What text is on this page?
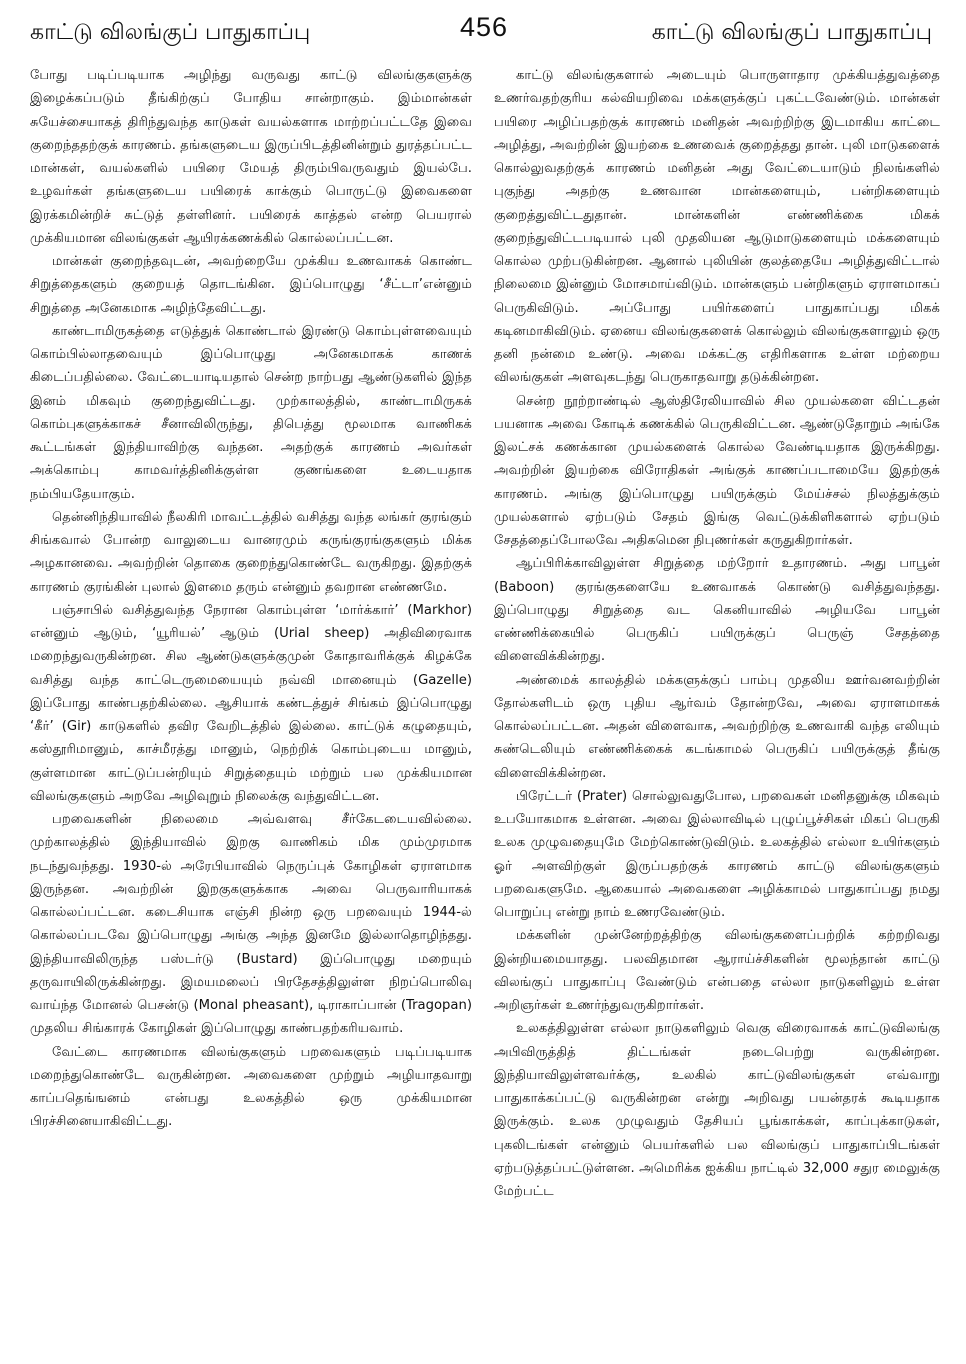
காட்டு விலங்குப் பாதுகாப்பு	456	காட்டு விலங்குப் பாதுகாப்பு

போது படிப்படியாக அழிந்து வருவது காட்டு விலங்குகளுக்கு இழைக்கப்படும் தீங்கிற்குப் போதிய சான்றாகும். இம்மான்கள் சுயேச்சையாகத் திரிந்துவந்த காடுகள் வயல்களாக மாற்றப்பட்டதே இவை குறைந்ததற்குக் காரணம். தங்களுடைய இருப்பிடத்தினின்றும் துரத்தப்பட்ட மான்கள், வயல்களில் பயிரை மேயத் திரும்பிவருவதும் இயல்பே. உழவர்கள் தங்களுடைய பயிரைக் காக்கும் பொருட்டு இவைகளை இரக்கமின்றிச் சுட்டுத் தள்ளினர். பயிரைக் காத்தல் என்ற பெயரால் முக்கியமான விலங்குகள் ஆயிரக்கணக்கில் கொல்லப்பட்டன.

மான்கள் குறைந்தவுடன், அவற்றையே முக்கிய உணவாகக் கொண்ட சிறுத்தைகளும் குறையத் தொடங்கின. இப்பொழுது ‘சீட்டா’என்னும் சிறுத்தை அனேகமாக அழிந்தேவிட்டது.

காண்டாமிருகத்தை எடுத்துக் கொண்டால் இரண்டு கொம்புள்ளவையும் கொம்பில்லாதவையும் இப்பொழுது அனேகமாகக் காணக் கிடைப்பதில்லை. வேட்டையாடியதால் சென்ற நாற்பது ஆண்டுகளில் இந்த இனம் மிகவும் குறைந்துவிட்டது. முற்காலத்தில், காண்டாமிருகக் கொம்புகளுக்காகச் சீனாவிலிருந்து, திபெத்து மூலமாக வாணிகக் கூட்டங்கள் இந்தியாவிற்கு வந்தன. அதற்குக் காரணம் அவர்கள் அக்கொம்பு காமவர்த்தினிக்குள்ள குணங்களை உடையதாக நம்பியதேயாகும்.

தென்னிந்தியாவில் நீலகிரி மாவட்டத்தில் வசித்து வந்த லங்கர் குரங்கும் சிங்கவால் போன்ற வாலுடைய வானரமும் கருங்குரங்குகளும் மிக்க அழகானவை. அவற்றின் தொகை குறைந்துகொண்டே வருகிறது. இதற்குக் காரணம் குரங்கின் புலால் இளமை தரும் என்னும் தவறான எண்ணமே.

பஞ்சாபில் வசித்துவந்த நேரான கொம்புள்ள ‘மார்க்கார்’ (Markhor) என்னும் ஆடும், ‘யூரியல்’ ஆடும் (Urial sheep) அதிவிரைவாக மறைந்துவருகின்றன. சில ஆண்டுகளுக்குமுன் கோதாவரிக்குக் கிழக்கே வசித்து வந்த காட்டெருமையையும் நவ்வி மானையும் (Gazelle) இப்போது காண்பதற்கில்லை. ஆசியாக் கண்டத்துச் சிங்கம் இப்பொழுது ‘கீர்’ (Gir) காடுகளில் தவிர வேறிடத்தில் இல்லை. காட்டுக் கழுதையும், கஸ்தூரிமானும், காச்மீரத்து மானும், நெற்றிக் கொம்புடைய மானும், குள்ளமான காட்டுப்பன்றியும் சிறுத்தையும் மற்றும் பல முக்கியமான விலங்குகளும் அறவே அழிவுறும் நிலைக்கு வந்துவிட்டன.

பறவைகளின் நிலைமை அவ்வளவு சீர்கேடடையவில்லை. முற்காலத்தில் இந்தியாவில் இறகு வாணிகம் மிக மும்முரமாக நடந்துவந்தது. 1930-ல் அரேபியாவில் நெருப்புக் கோழிகள் ஏராளமாக இருந்தன. அவற்றின் இறகுகளுக்காக அவை பெருவாரியாகக் கொல்லப்பட்டன. கடைசியாக எஞ்சி நின்ற ஒரு பறவையும் 1944-ல் கொல்லப்படவே இப்பொழுது அங்கு அந்த இனமே இல்லாதொழிந்தது. இந்தியாவிலிருந்த பஸ்டர்டு (Bustard) இப்பொழுது மறையும் தருவாயிலிருக்கின்றது. இமயமலைப் பிரதேசத்திலுள்ள நிறப்பொலிவு வாய்ந்த மோனல் பெசன்டு (Monal pheasant), டிராகாப்பான் (Tragopan) முதலிய சிங்காரக் கோழிகள் இப்பொழுது காண்பதற்கரியவாம்.

வேட்டை காரணமாக விலங்குகளும் பறவைகளும் படிப்படியாக மறைந்துகொண்டே வருகின்றன. அவைகளை முற்றும் அழியாதவாறு காப்பதெங்ஙனம் என்பது உலகத்தில் ஒரு முக்கியமான பிரச்சினையாகிவிட்டது.

காட்டு விலங்குகளால் அடையும் பொருளாதார முக்கியத்துவத்தை உணர்வதற்குரிய கல்வியறிவை மக்களுக்குப் புகட்டவேண்டும். மான்கள் பயிரை அழிப்பதற்குக் காரணம் மனிதன் அவற்றிற்கு இடமாகிய காட்டை அழித்து, அவற்றின் இயற்கை உணவைக் குறைத்தது தான். புலி மாடுகளைக் கொல்லுவதற்குக் காரணம் மனிதன் அது வேட்டையாடும் நிலங்களில் புகுந்து அதற்கு உணவான மான்களையும், பன்றிகளையும் குறைத்துவிட்டதுதான். மான்களின் எண்ணிக்கை மிகக் குறைந்துவிட்டபடியால் புலி முதலியன ஆடுமாடுகளையும் மக்களையும் கொல்ல முற்படுகின்றன. ஆனால் புலியின் குலத்தையே அழித்துவிட்டால் நிலைமை இன்னும் மோசமாய்விடும். மான்களும் பன்றிகளும் ஏராளமாகப் பெருகிவிடும். அப்போது பயிர்களைப் பாதுகாப்பது மிகக் கடினமாகிவிடும். ஏனைய விலங்குகளைக் கொல்லும் விலங்குகளாலும் ஒரு தனி நன்மை உண்டு. அவை மக்கட்கு எதிரிகளாக உள்ள மற்றைய விலங்குகள் அளவுகடந்து பெருகாதவாறு தடுக்கின்றன.

சென்ற நூற்றாண்டில் ஆஸ்திரேலியாவில் சில முயல்களை விட்டதன் பயனாக அவை கோடிக் கணக்கில் பெருகிவிட்டன. ஆண்டுதோறும் அங்கே இலட்சக் கணக்கான முயல்களைக் கொல்ல வேண்டியதாக இருக்கிறது. அவற்றின் இயற்கை விரோதிகள் அங்குக் காணப்படாமையே இதற்குக் காரணம். அங்கு இப்பொழுது பயிருக்கும் மேய்ச்சல் நிலத்துக்கும் முயல்களால் ஏற்படும் சேதம் இங்கு வெட்டுக்கிளிகளால் ஏற்படும் சேதத்தைப்போலவே அதிகமென நிபுணர்கள் கருதுகிறார்கள்.

ஆப்பிரிக்காவிலுள்ள சிறுத்தை மற்றோர் உதாரணம். அது பாபூன் (Baboon) குரங்குகளையே உணவாகக் கொண்டு வசித்துவந்தது. இப்பொழுது சிறுத்தை வட கெனியாவில் அழியவே பாபூன் எண்ணிக்கையில் பெருகிப் பயிருக்குப் பெருஞ் சேதத்தை விளைவிக்கின்றது.

அண்மைக் காலத்தில் மக்களுக்குப் பாம்பு முதலிய ஊர்வனவற்றின் தோல்களிடம் ஒரு புதிய ஆர்வம் தோன்றவே, அவை ஏராளமாகக் கொல்லப்பட்டன. அதன் விளைவாக, அவற்றிற்கு உணவாகி வந்த எலியும் சுண்டெலியும் எண்ணிக்கைக் கடங்காமல் பெருகிப் பயிருக்குத் தீங்கு விளைவிக்கின்றன.

பிரேட்டர் (Prater) சொல்லுவதுபோல, பறவைகள் மனிதனுக்கு மிகவும் உபயோகமாக உள்ளன. அவை இல்லாவிடில் புழுப்பூச்சிகள் மிகப் பெருகி உலக முழுவதையுமே மேற்கொண்டுவிடும். உலகத்தில் எல்லா உயிர்களும் ஓர் அளவிற்குள் இருப்பதற்குக் காரணம் காட்டு விலங்குகளும் பறவைகளுமே. ஆகையால் அவைகளை அழிக்காமல் பாதுகாப்பது நமது பொறுப்பு என்று நாம் உணரவேண்டும்.

மக்களின் முன்னேற்றத்திற்கு விலங்குகளைப்பற்றிக் கற்றறிவது இன்றியமையாதது. பலவிதமான ஆராய்ச்சிகளின் மூலந்தான் காட்டு விலங்குப் பாதுகாப்பு வேண்டும் என்பதை எல்லா நாடுகளிலும் உள்ள அறிஞர்கள் உணர்ந்துவருகிறார்கள்.

உலகத்திலுள்ள எல்லா நாடுகளிலும் வெகு விரைவாகக் காட்டுவிலங்கு அபிவிருத்தித் திட்டங்கள் நடைபெற்று வருகின்றன. இந்தியாவிலுள்ளவர்க்கு, உலகில் காட்டுவிலங்குகள் எவ்வாறு பாதுகாக்கப்பட்டு வருகின்றன என்று அறிவது பயன்தரக் கூடியதாக இருக்கும். உலக முழுவதும் தேசியப் பூங்காக்கள், காப்புக்காடுகள், புகலிடங்கள் என்னும் பெயர்களில் பல விலங்குப் பாதுகாப்பிடங்கள் ஏற்படுத்தப்பட்டுள்ளன. அமெரிக்க ஐக்கிய நாட்டில் 32,000 சதுர மைலுக்கு மேற்பட்ட
